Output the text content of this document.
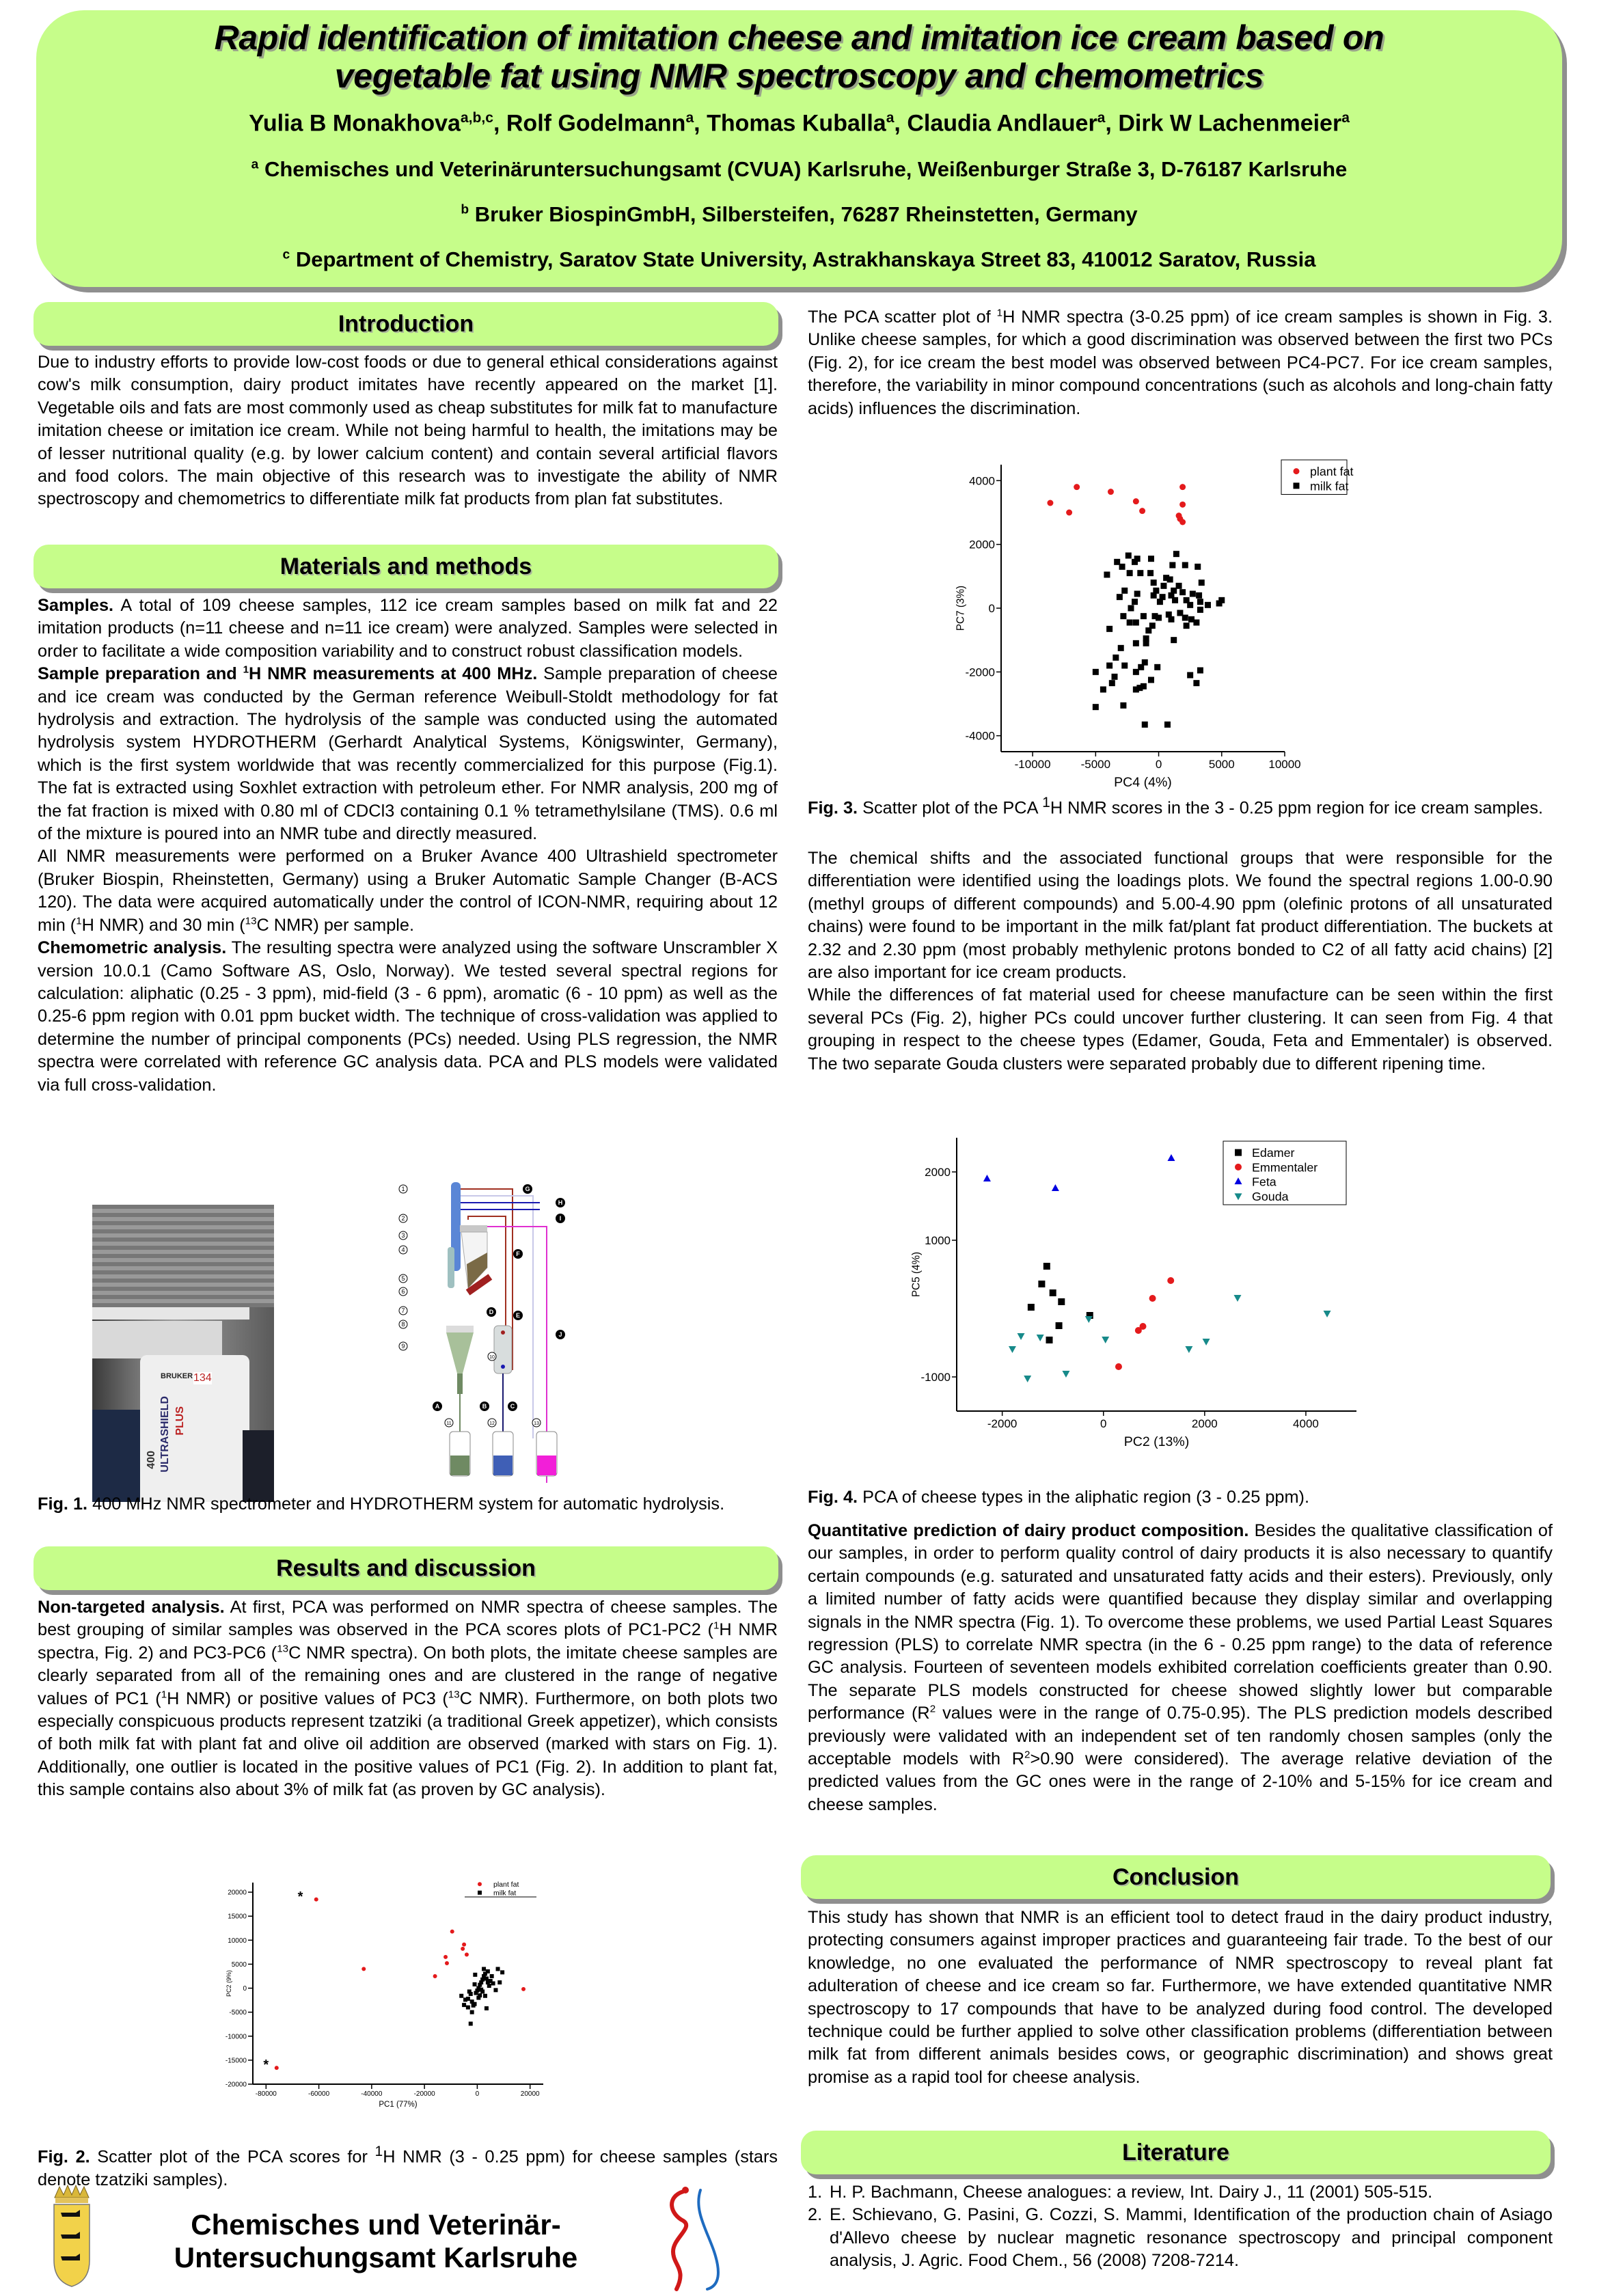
Rapid identification of imitation cheese and imitation ice cream based on
vegetable fat using NMR spectroscopy and chemometrics
Yulia B Monakhova$^{a,b,c}$, Rolf Godelmann$^a$, Thomas Kuballa$^a$, Claudia Andlauer$^a$, Dirk W Lachenmeier$^a$
$^a$ Chemisches und Veterinäruntersuchungsamt (CVUA) Karlsruhe, Weißenburger Straße 3, D-76187 Karlsruhe
$^b$ Bruker BiospinGmbH, Silbersteifen, 76287 Rheinstetten, Germany
$^c$ Department of Chemistry, Saratov State University, Astrakhanskaya Street 83, 410012 Saratov, Russia
Introduction

Due to industry efforts to provide low-cost foods or due to general ethical considerations against cow's milk consumption, dairy product imitates have recently appeared on the market [1]. Vegetable oils and fats are most commonly used as cheap substitutes for milk fat to manufacture imitation cheese or imitation ice cream. While not being harmful to health, the imitations may be of lesser nutritional quality (e.g. by lower calcium content) and contain several artificial flavors and food colors. The main objective of this research was to investigate the ability of NMR spectroscopy and chemometrics to differentiate milk fat products from plan fat substitutes.

Materials and methods

Samples. A total of 109 cheese samples, 112 ice cream samples based on milk fat and 22 imitation products (n=11 cheese and n=11 ice cream) were analyzed. Samples were selected in order to facilitate a wide composition variability and to construct robust classification models.

Sample preparation and $^1$H NMR measurements at 400 MHz. Sample preparation of cheese and ice cream was conducted by the German reference Weibull-Stoldt methodology for fat hydrolysis and extraction. The hydrolysis of the sample was conducted using the automated hydrolysis system HYDROTHERM (Gerhardt Analytical Systems, Königswinter, Germany), which is the first system worldwide that was recently commercialized for this purpose (Fig.1). The fat is extracted using Soxhlet extraction with petroleum ether. For NMR analysis, 200 mg of the fat fraction is mixed with 0.80 ml of CDCl3 containing 0.1 % tetramethylsilane (TMS). 0.6 ml of the mixture is poured into an NMR tube and directly measured.

All NMR measurements were performed on a Bruker Avance 400 Ultrashield spectrometer (Bruker Biospin, Rheinstetten, Germany) using a Bruker Automatic Sample Changer (B-ACS 120). The data were acquired automatically under the control of ICON-NMR, requiring about 12 min ($^1$H NMR) and 30 min ($^{13}$C NMR) per sample.

Chemometric analysis. The resulting spectra were analyzed using the software Unscrambler X version 10.0.1 (Camo Software AS, Oslo, Norway). We tested several spectral regions for calculation: aliphatic (0.25 - 3 ppm), mid-field (3 - 6 ppm), aromatic (6 - 10 ppm) as well as the 0.25-6 ppm region with 0.01 ppm bucket width. The technique of cross-validation was applied to determine the number of principal components (PCs) needed. Using PLS regression, the NMR spectra were correlated with reference GC analysis data. PCA and PLS models were validated via full cross-validation.

ULTRASHIELD PLUS
400
134
BRUKER
1
2
3
4
5
6
7
8
9
10
11	12	13
A	B	C
D	E
F
G
H
I
J
Fig. 1. 400 MHz NMR spectrometer and HYDROTHERM system for automatic hydrolysis.
Results and discussion

Non-targeted analysis. At first, PCA was performed on NMR spectra of cheese samples. The best grouping of similar samples was observed in the PCA scores plots of PC1-PC2 ($^1$H NMR spectra, Fig. 2) and PC3-PC6 ($^{13}$C NMR spectra). On both plots, the imitate cheese samples are clearly separated from all of the remaining ones and are clustered in the range of negative values of PC1 ($^1$H NMR) or positive values of PC3 ($^{13}$C NMR). Furthermore, on both plots two especially conspicuous products represent tzatziki (a traditional Greek appetizer), which consists of both milk fat with plant fat and olive oil addition are observed (marked with stars on Fig. 1). Additionally, one outlier is located in the positive values of PC1 (Fig. 2). In addition to plant fat, this sample contains also about 3% of milk fat (as proven by GC analysis).

-80000	-60000	-40000	-20000	0	20000
-20000
-15000
-10000
-5000
0
5000
10000
15000
20000
PC1 (77%)
PC2 (9%)
*
*
plant fat
milk fat
Fig. 2. Scatter plot of the PCA scores for $^1$H NMR (3 - 0.25 ppm) for cheese samples (stars denote tzatziki samples).
Chemisches und Veterinär-
Untersuchungsamt Karlsruhe

The PCA scatter plot of $^1$H NMR spectra (3-0.25 ppm) of ice cream samples is shown in Fig. 3. Unlike cheese samples, for which a good discrimination was observed between the first two PCs (Fig. 2), for ice cream the best model was observed between PC4-PC7. For ice cream samples, therefore, the variability in minor compound concentrations (such as alcohols and long-chain fatty acids) influences the discrimination.

-10000	-5000	0	5000	10000
-4000
-2000
0
2000
4000
PC4 (4%)
PC7 (3%)
plant fat
milk fat
Fig. 3. Scatter plot of the PCA $^1$H NMR scores in the 3 - 0.25 ppm region for ice cream samples.

The chemical shifts and the associated functional groups that were responsible for the differentiation were identified using the loadings plots. We found the spectral regions 1.00-0.90 (methyl groups of different compounds) and 5.00-4.90 ppm (olefinic protons of all unsaturated chains) were found to be important in the milk fat/plant fat product differentiation. The buckets at 2.32 and 2.30 ppm (most probably methylenic protons bonded to C2 of all fatty acid chains) [2] are also important for ice cream products.

While the differences of fat material used for cheese manufacture can be seen within the first several PCs (Fig. 2), higher PCs could uncover further clustering. It can seen from Fig. 4 that grouping in respect to the cheese types (Edamer, Gouda, Feta and Emmentaler) is observed. The two separate Gouda clusters were separated probably due to different ripening time.

-2000	0	2000	4000
-1000
1000
2000
PC2 (13%)
PC5 (4%)
Edamer
Emmentaler
Feta
Gouda
Fig. 4. PCA of cheese types in the aliphatic region (3 - 0.25 ppm).

Quantitative prediction of dairy product composition. Besides the qualitative classification of our samples, in order to perform quality control of dairy products it is also necessary to quantify certain compounds (e.g. saturated and unsaturated fatty acids and their esters). Previously, only a limited number of fatty acids were quantified because they display similar and overlapping signals in the NMR spectra (Fig. 1). To overcome these problems, we used Partial Least Squares regression (PLS) to correlate NMR spectra (in the 6 - 0.25 ppm range) to the data of reference GC analysis. Fourteen of seventeen models exhibited correlation coefficients greater than 0.90. The separate PLS models constructed for cheese showed slightly lower but comparable performance ($R^2$ values were in the range of 0.75-0.95). The PLS prediction models described previously were validated with an independent set of ten randomly chosen samples (only the acceptable models with $R^2>0.90$ were considered). The average relative deviation of the predicted values from the GC ones were in the range of 2-10% and 5-15% for ice cream and cheese samples.

Conclusion

This study has shown that NMR is an efficient tool to detect fraud in the dairy product industry, protecting consumers against improper practices and guaranteeing fair trade. To the best of our knowledge, no one evaluated the performance of NMR spectroscopy to reveal plant fat adulteration of cheese and ice cream so far. Furthermore, we have extended quantitative NMR spectroscopy to 17 compounds that have to be analyzed during food control. The developed technique could be further applied to solve other classification problems (differentiation between milk fat from different animals besides cows, or geographic discrimination) and shows great promise as a rapid tool for cheese analysis.

Literature
1. H. P. Bachmann, Cheese analogues: a review, Int. Dairy J., 11 (2001) 505-515.
2. E. Schievano, G. Pasini, G. Cozzi, S. Mammi, Identification of the production chain of Asiago d'Allevo cheese by nuclear magnetic resonance spectroscopy and principal component analysis, J. Agric. Food Chem., 56 (2008) 7208-7214.
